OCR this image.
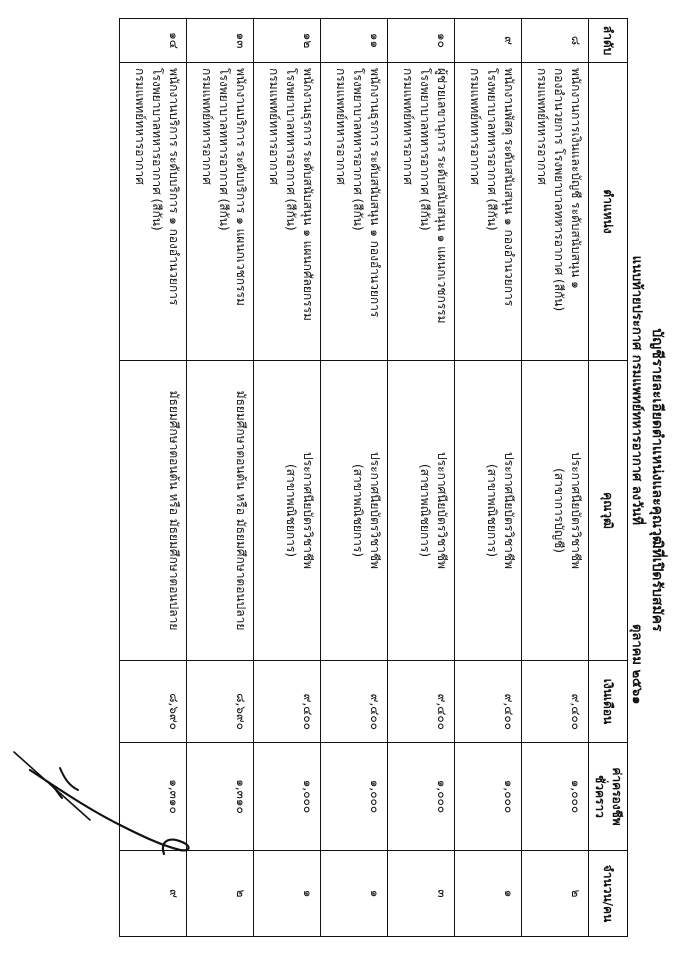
บัญชีรายละเอียดตำแหน่งและคุณวุฒิที่เปิดรับสมัคร
แนบท้ายประกาศ กรมแพทย์ทหารอากาศ ลงวันที่  ตุลาคม ๒๕๖๑
ลำดับ	ตำแหน่ง	คุณวุฒิ	เงินเดือน	ค่าครองชีพชั่วคราว	จำนวน/คน
๘	พนักงานการเงินและบัญชี ระดับสนับสนุน ๑
กองอำนวยการ โรงพยาบาลทหารอากาศ (สีกัน)
กรมแพทย์ทหารอากาศ	ประกาศนียบัตรวิชาชีพ
(สาขาการบัญชี)	๙,๔๐๐	๑,๐๐๐	๒
๙	พนักงานพัสดุ ระดับสนับสนุน ๑ กองอำนวยการ
โรงพยาบาลทหารอากาศ (สีกัน)
กรมแพทย์ทหารอากาศ	ประกาศนียบัตรวิชาชีพ
(สาขาพณิชยการ)	๙,๔๐๐	๑,๐๐๐	๑
๑๐	ผู้ช่วยเลขานุการ ระดับสนับสนุน ๑ แผนกเวชกรรม
โรงพยาบาลทหารอากาศ (สีกัน)
กรมแพทย์ทหารอากาศ	ประกาศนียบัตรวิชาชีพ
(สาขาพณิชยการ)	๙,๔๐๐	๑,๐๐๐	๓
๑๑	พนักงานธุรการ ระดับสนับสนุน ๑ กองอำนวยการ
โรงพยาบาลทหารอากาศ (สีกัน)
กรมแพทย์ทหารอากาศ	ประกาศนียบัตรวิชาชีพ
(สาขาพณิชยการ)	๙,๔๐๐	๑,๐๐๐	๑
๑๒	พนักงานธุรการ ระดับสนับสนุน ๑ แผนกศัลยกรรม
โรงพยาบาลทหารอากาศ (สีกัน)
กรมแพทย์ทหารอากาศ	ประกาศนียบัตรวิชาชีพ
(สาขาพณิชยการ)	๙,๔๐๐	๑,๐๐๐	๑
๑๓	พนักงานบริการ ระดับบริการ ๑ แผนกเวชกรรม
โรงพยาบาลทหารอากาศ (สีกัน)
กรมแพทย์ทหารอากาศ	มัธยมศึกษาตอนต้น หรือ มัธยมศึกษาตอนปลาย	๘,๖๙๐	๑,๓๑๐	๒
๑๔	พนักงานบริการ ระดับบริการ ๑ กองอำนวยการ
โรงพยาบาลทหารอากาศ (สีกัน)
กรมแพทย์ทหารอากาศ	มัธยมศึกษาตอนต้น หรือ มัธยมศึกษาตอนปลาย	๘,๖๙๐	๑,๓๑๐	๙
